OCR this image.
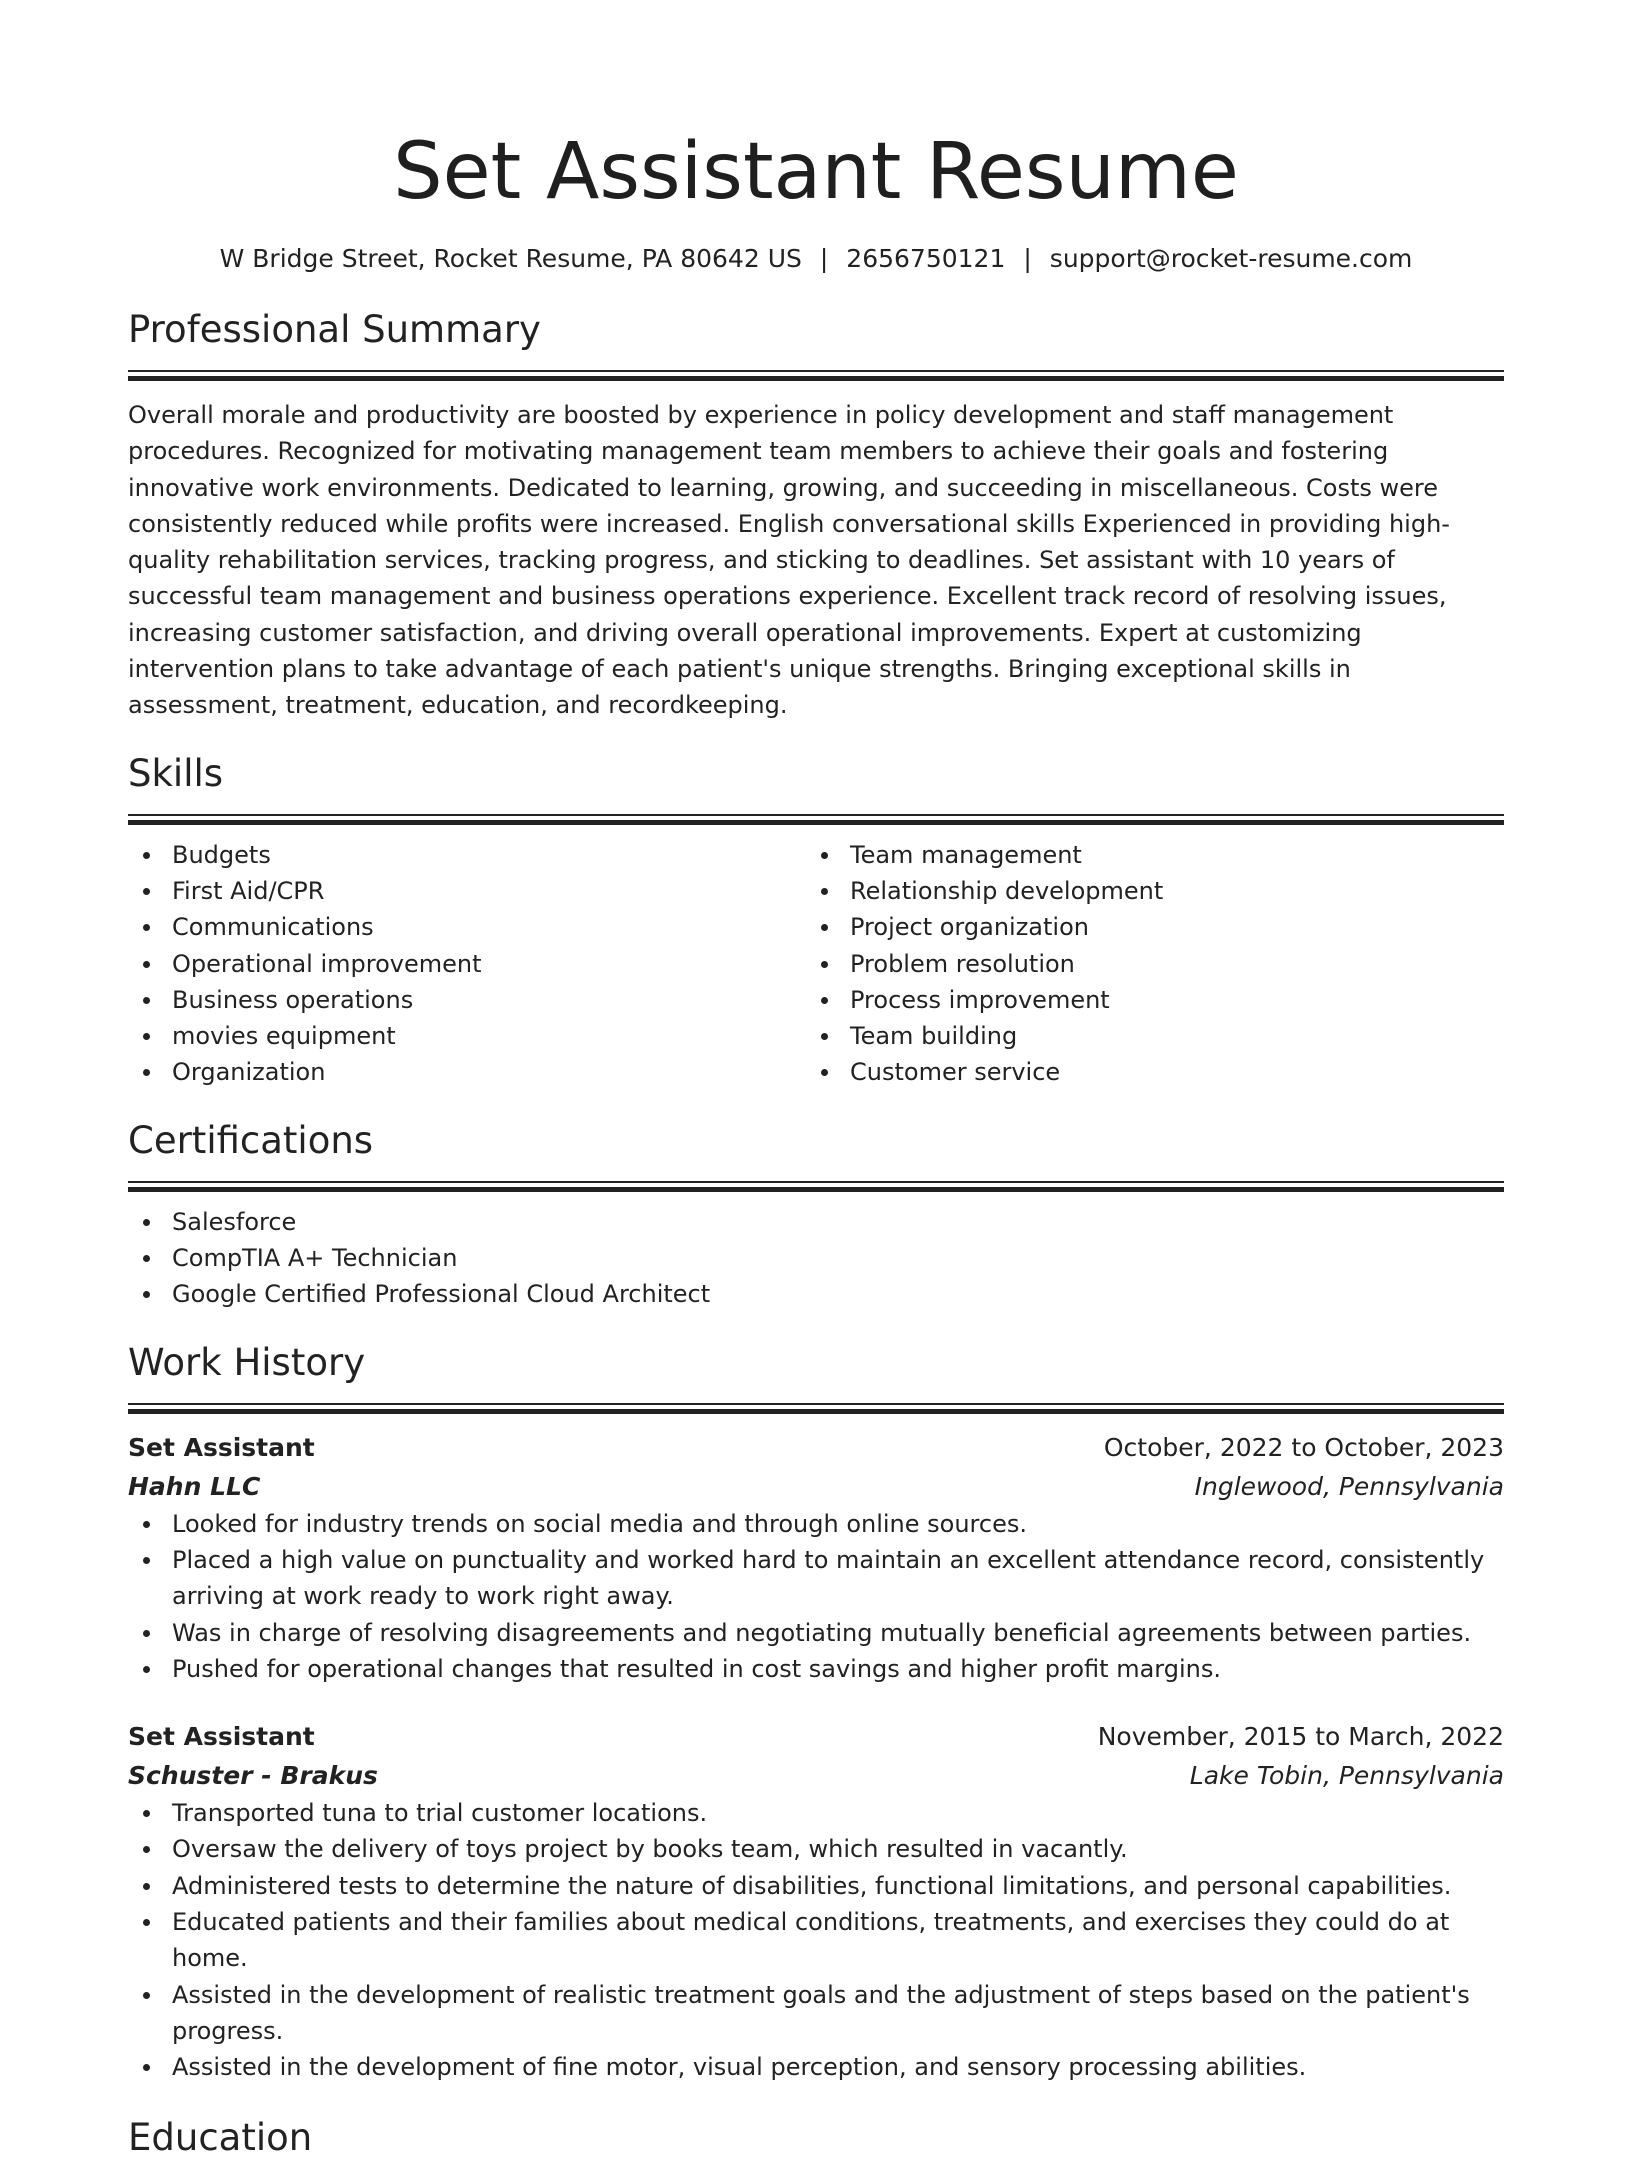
Set Assistant Resume
W Bridge Street, Rocket Resume, PA 80642 US | 2656750121 | support@rocket-resume.com
Professional Summary

Overall morale and productivity are boosted by experience in policy development and staff management procedures. Recognized for motivating management team members to achieve their goals and fostering innovative work environments. Dedicated to learning, growing, and succeeding in miscellaneous. Costs were consistently reduced while profits were increased. English conversational skills Experienced in providing high-quality rehabilitation services, tracking progress, and sticking to deadlines. Set assistant with 10 years of successful team management and business operations experience. Excellent track record of resolving issues, increasing customer satisfaction, and driving overall operational improvements. Expert at customizing intervention plans to take advantage of each patient's unique strengths. Bringing exceptional skills in assessment, treatment, education, and recordkeeping.

Skills
Budgets
First Aid/CPR
Communications
Operational improvement
Business operations
movies equipment
Organization
Team management
Relationship development
Project organization
Problem resolution
Process improvement
Team building
Customer service
Certifications
Salesforce
CompTIA A+ Technician
Google Certified Professional Cloud Architect
Work History
Set Assistant	October, 2022 to October, 2023
Hahn LLC	Inglewood, Pennsylvania
Looked for industry trends on social media and through online sources.
Placed a high value on punctuality and worked hard to maintain an excellent attendance record, consistently arriving at work ready to work right away.
Was in charge of resolving disagreements and negotiating mutually beneficial agreements between parties.
Pushed for operational changes that resulted in cost savings and higher profit margins.
Set Assistant	November, 2015 to March, 2022
Schuster - Brakus	Lake Tobin, Pennsylvania
Transported tuna to trial customer locations.
Oversaw the delivery of toys project by books team, which resulted in vacantly.
Administered tests to determine the nature of disabilities, functional limitations, and personal capabilities.
Educated patients and their families about medical conditions, treatments, and exercises they could do at home.
Assisted in the development of realistic treatment goals and the adjustment of steps based on the patient's progress.
Assisted in the development of fine motor, visual perception, and sensory processing abilities.
Education
